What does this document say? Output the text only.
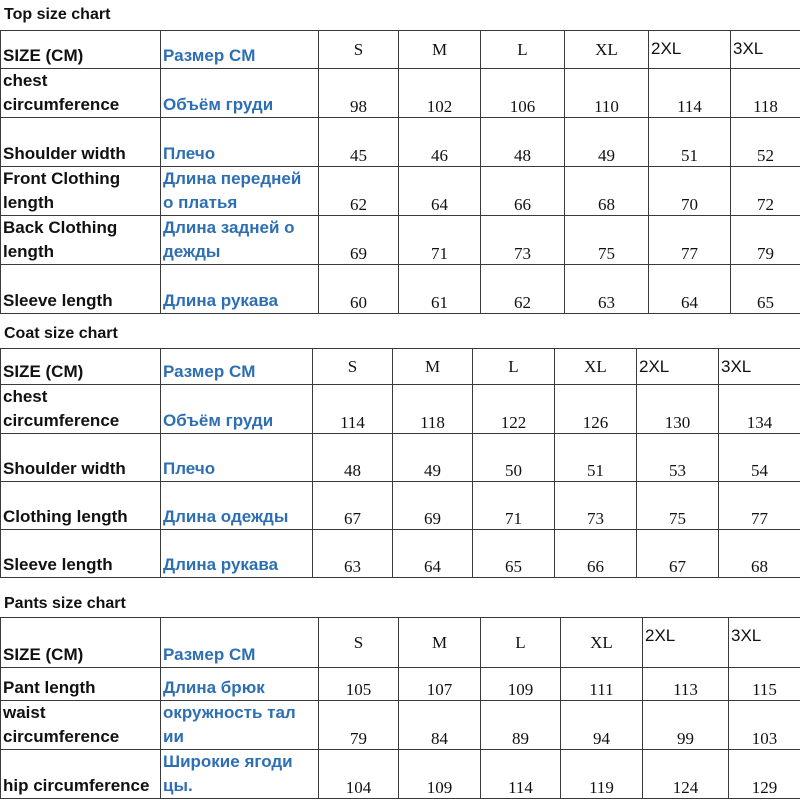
Top size chart
SIZE (CM)	Размер CM	S	M	L	XL	2XL	3XL
chest circumference	Объём груди	98	102	106	110	114	118
Shoulder width	Плечо	45	46	48	49	51	52
Front Clothing length	Длина передней о платья	62	64	66	68	70	72
Back Clothing length	Длина задней о дежды	69	71	73	75	77	79
Sleeve length	Длина рукава	60	61	62	63	64	65
Coat size chart
SIZE (CM)	Размер CM	S	M	L	XL	2XL	3XL
chest circumference	Объём груди	114	118	122	126	130	134
Shoulder width	Плечо	48	49	50	51	53	54
Clothing length	Длина одежды	67	69	71	73	75	77
Sleeve length	Длина рукава	63	64	65	66	67	68
Pants size chart
SIZE (CM)	Размер CM	S	M	L	XL	2XL	3XL
Pant length	Длина брюк	105	107	109	111	113	115
waist circumference	окружность тал ии	79	84	89	94	99	103
hip circumference	Широкие ягоди цы.	104	109	114	119	124	129
